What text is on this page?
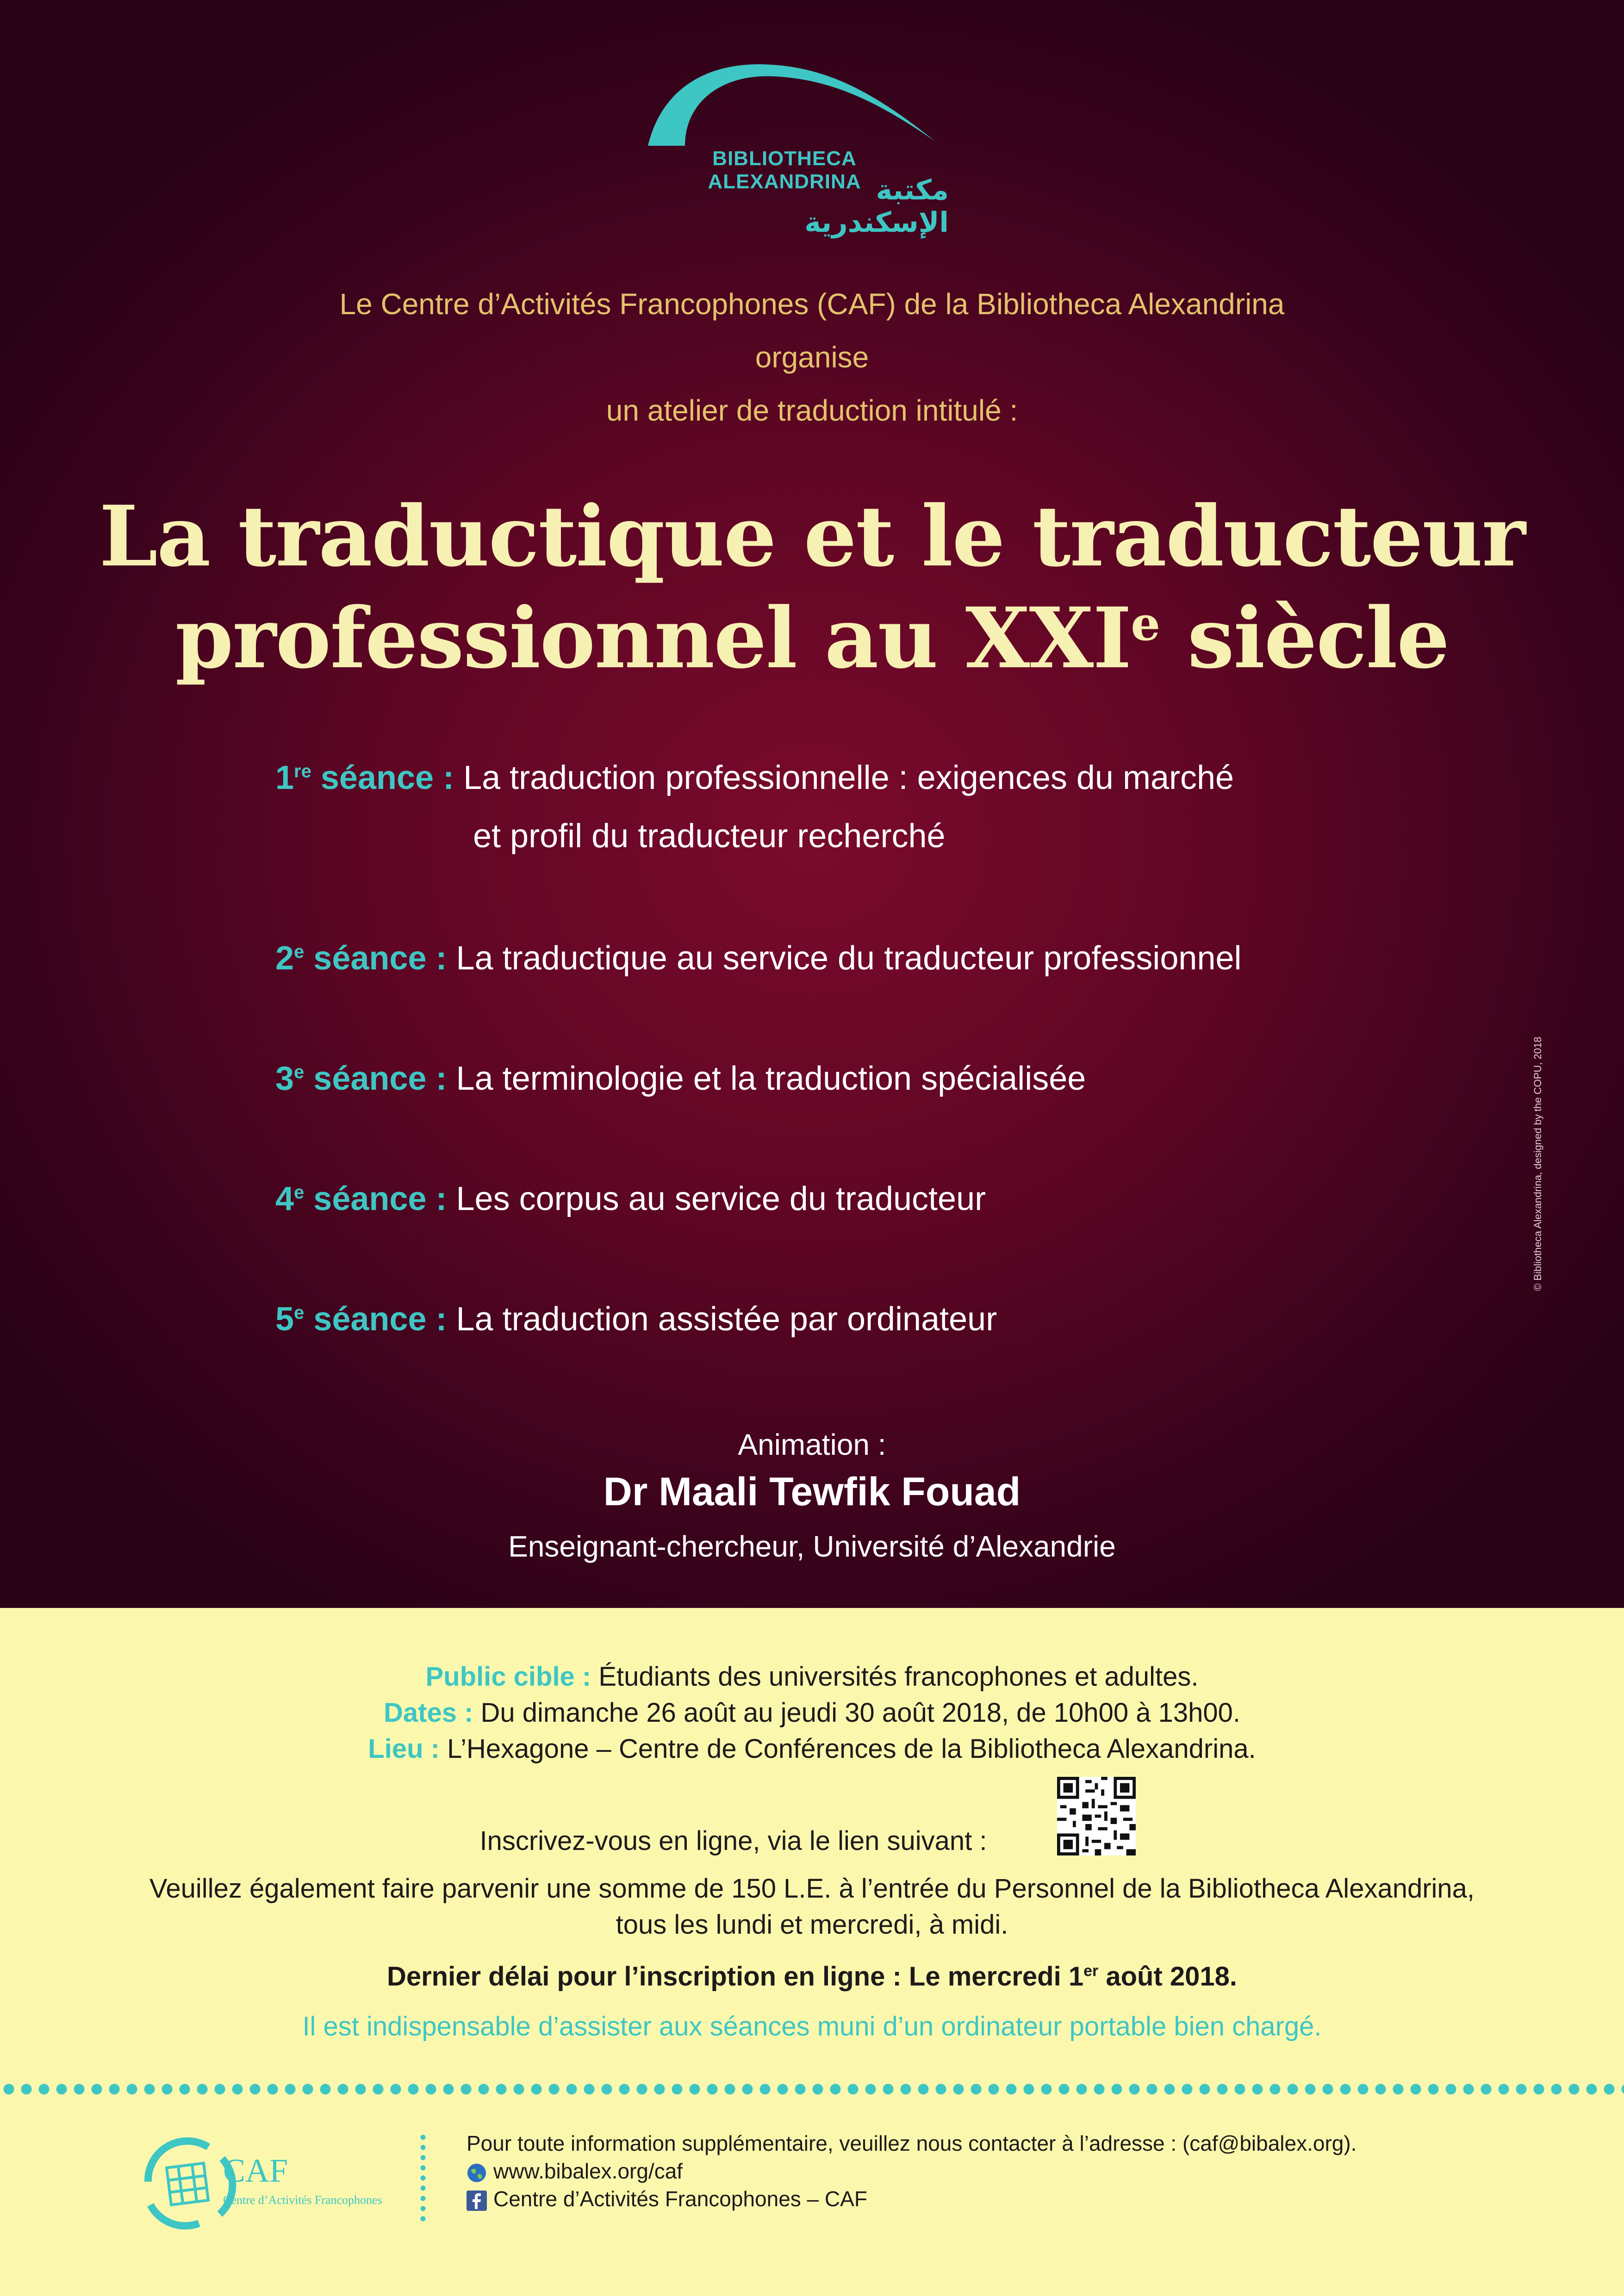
BIBLIOTHECA ALEXANDRINA مكتبة الإسكندرية
Le Centre d’Activités Francophones (CAF) de la Bibliotheca Alexandrina
organise
un atelier de traduction intitulé :
La traductique et le traducteur
professionnel au XXIe siècle
1re séance : La traduction professionnelle : exigences du marché
et profil du traducteur recherché
2e séance : La traductique au service du traducteur professionnel
3e séance : La terminologie et la traduction spécialisée
4e séance : Les corpus au service du traducteur
5e séance : La traduction assistée par ordinateur
Animation :
Dr Maali Tewfik Fouad
Enseignant-chercheur, Université d’Alexandrie
© Bibliotheca Alexandrina, designed by the COPU, 2018
Public cible : Étudiants des universités francophones et adultes.
Dates : Du dimanche 26 août au jeudi 30 août 2018, de 10h00 à 13h00.
Lieu : L’Hexagone – Centre de Conférences de la Bibliotheca Alexandrina.
Inscrivez-vous en ligne, via le lien suivant :
Veuillez également faire parvenir une somme de 150 L.E. à l’entrée du Personnel de la Bibliotheca Alexandrina,
tous les lundi et mercredi, à midi.
Dernier délai pour l’inscription en ligne : Le mercredi 1er août 2018.
Il est indispensable d’assister aux séances muni d’un ordinateur portable bien chargé.
CAF
Centre d’Activités Francophones
Pour toute information supplémentaire, veuillez nous contacter à l’adresse : (caf@bibalex.org).
www.bibalex.org/caf
Centre d’Activités Francophones – CAF
